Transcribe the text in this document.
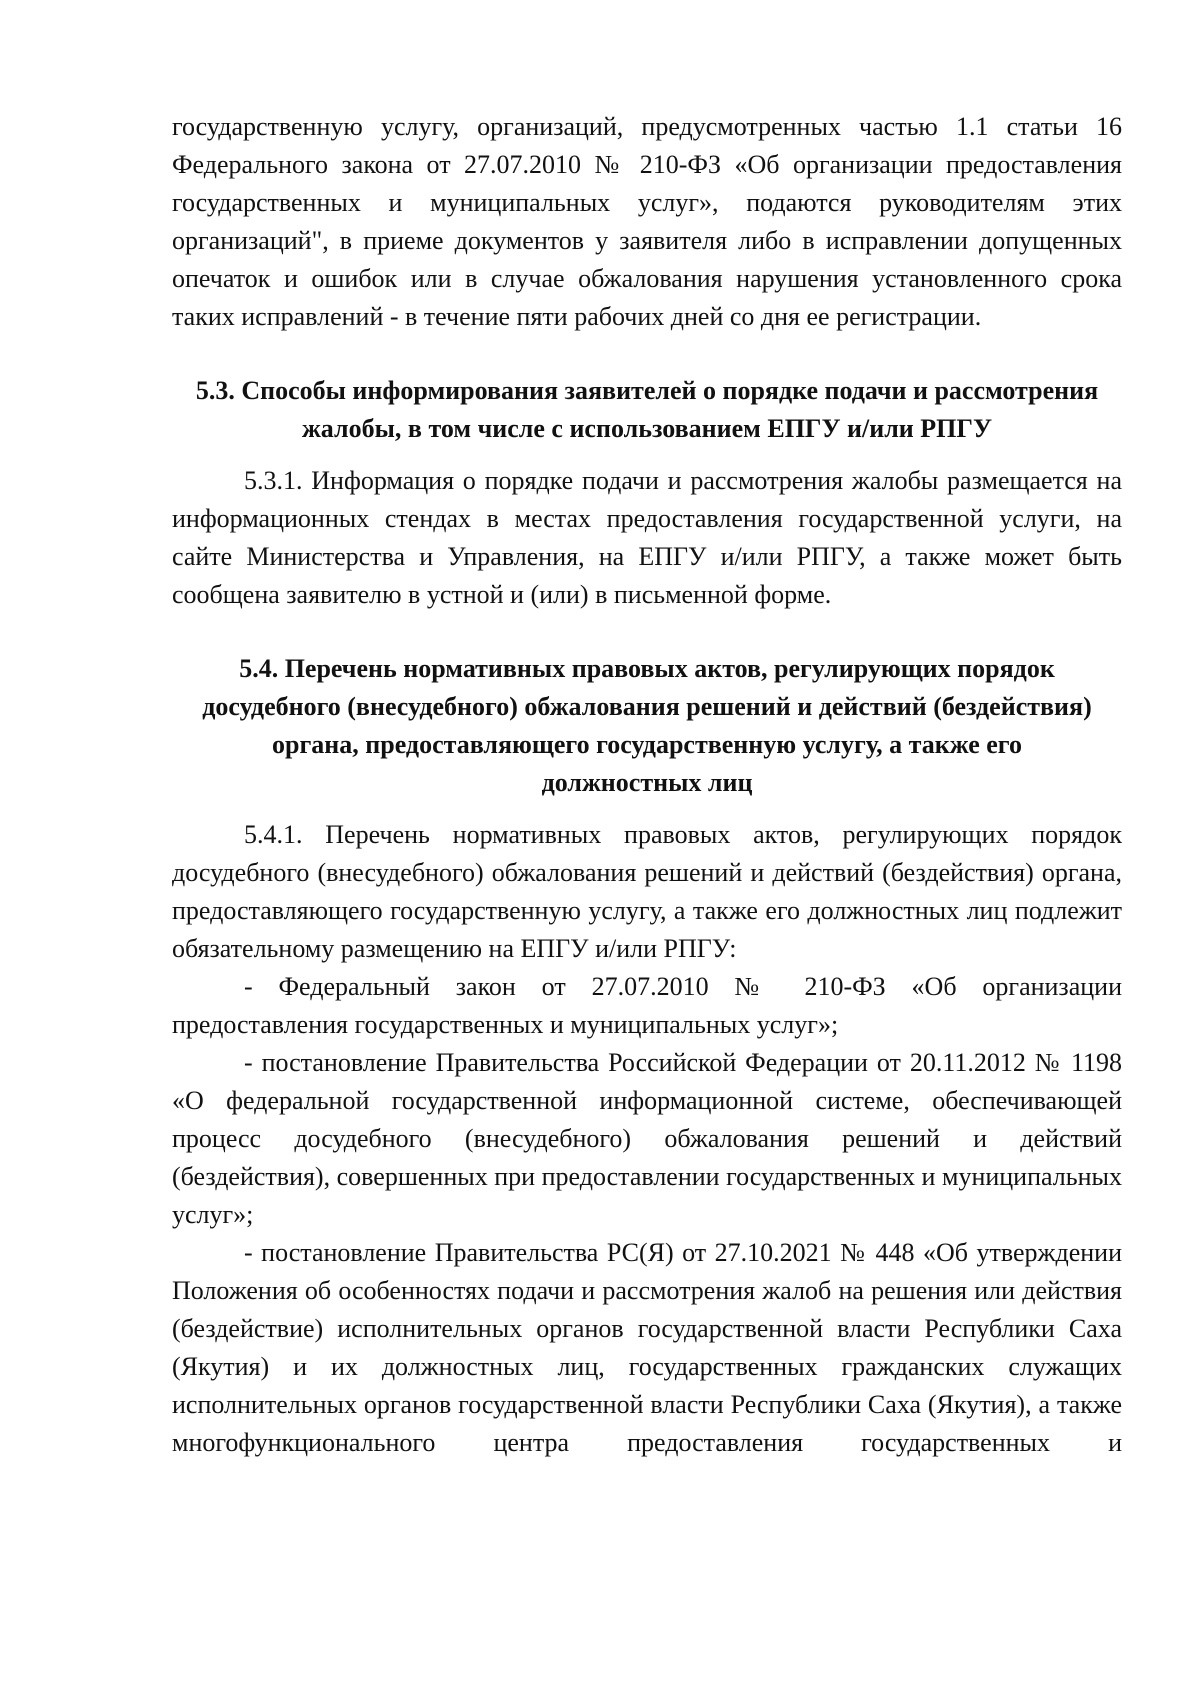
государственную услугу, организаций, предусмотренных частью 1.1 статьи 16 Федерального закона от 27.07.2010 № 210-ФЗ «Об организации предоставления государственных и муниципальных услуг», подаются руководителям этих организаций", в приеме документов у заявителя либо в исправлении допущенных опечаток и ошибок или в случае обжалования нарушения установленного срока таких исправлений - в течение пяти рабочих дней со дня ее регистрации.

5.3. Способы информирования заявителей о порядке подачи и рассмотрения жалобы, в том числе с использованием ЕПГУ и/или РПГУ

5.3.1. Информация о порядке подачи и рассмотрения жалобы размещается на информационных стендах в местах предоставления государственной услуги, на сайте Министерства и Управления, на ЕПГУ и/или РПГУ, а также может быть сообщена заявителю в устной и (или) в письменной форме.

5.4. Перечень нормативных правовых актов, регулирующих порядок досудебного (внесудебного) обжалования решений и действий (бездействия) органа, предоставляющего государственную услугу, а также его должностных лиц

5.4.1. Перечень нормативных правовых актов, регулирующих порядок досудебного (внесудебного) обжалования решений и действий (бездействия) органа, предоставляющего государственную услугу, а также его должностных лиц подлежит обязательному размещению на ЕПГУ и/или РПГУ:

- Федеральный закон от 27.07.2010 № 210-ФЗ «Об организации предоставления государственных и муниципальных услуг»;

- постановление Правительства Российской Федерации от 20.11.2012 № 1198 «О федеральной государственной информационной системе, обеспечивающей процесс досудебного (внесудебного) обжалования решений и действий (бездействия), совершенных при предоставлении государственных и муниципальных услуг»;

- постановление Правительства РС(Я) от 27.10.2021 № 448 «Об утверждении Положения об особенностях подачи и рассмотрения жалоб на решения или действия (бездействие) исполнительных органов государственной власти Республики Саха (Якутия) и их должностных лиц, государственных гражданских служащих исполнительных органов государственной власти Республики Саха (Якутия), а также многофункционального центра предоставления государственных и
